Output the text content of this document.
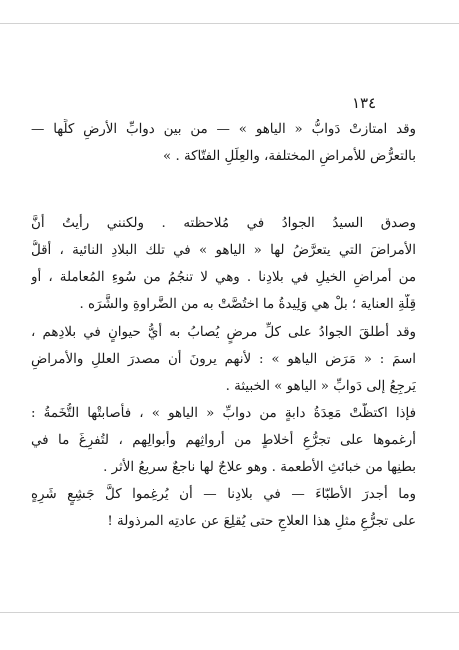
١٣٤
وقد امتازتْ دَوابُّ « الياهو » — من بين دوابِّ الأرضِ كلِّها —
بالتعرُّض للأمراضِ المختلفة، والعِلَلِ الفتّاكة . »
وصدق السيدُ الجوادُ في مُلاحظته . ولكنني رأيتُ أنَّ
الأمراضَ التي يتعرَّضُ لها « الياهو » في تلك البلادِ النائية ، أقلُّ
من أمراضِ الخيلِ في بلادِنا . وهي لا تنجُمُ من سُوءِ المُعاملة ، أو
قِلَّةِ العناية ؛ بلْ هي وَلِيدةُ ما اختُصَّتْ به من الضَّراوةِ والشَّرَه .
وقد أطلقَ الجوادُ على كلِّ مرضٍ يُصابُ به أيُّ حيوانٍ في بلادِهم ،
اسمَ : « مَرَض الياهو » : لأنهم يرونَ أن مصدرَ العللِ والأمراضِ
يَرجِعُ إلى دَوابِّ « الياهو » الخبيثة .
فإذا اكتظَّتْ مَعِدَةُ دابةٍ من دوابِّ « الياهو » ، فأصابتْها التُّخَمةُ :
أرغموها على تجرُّعِ أخلاطٍ من أرواثِهم وأبوالِهم ، لتُفرِغَ ما في
بطنِها من خبائثِ الأطعمة . وهو علاجٌ لها ناجعٌ سريعُ الأثر .
وما أجدرَ الأطبّاءَ — في بلادِنا — أن يُرغِموا كلَّ جَشِعٍ شَرِهٍ
على تجرُّعِ مثلِ هذا العلاجِ حتى يُقلِعَ عن عادتِه المرذولة !
